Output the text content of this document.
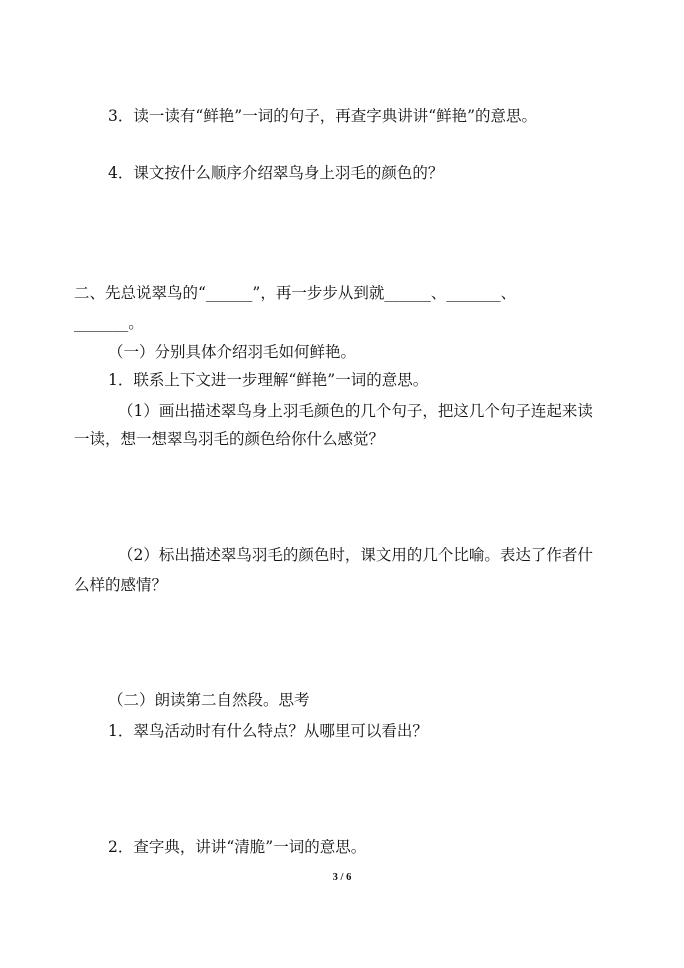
3．读一读有“鲜艳”一词的句子，再查字典讲讲“鲜艳”的意思。
4．课文按什么顺序介绍翠鸟身上羽毛的颜色的？
二、先总说翠鸟的“______”，再一步步从到就______、_______、
_______。
（一）分别具体介绍羽毛如何鲜艳。
1．联系上下文进一步理解“鲜艳”一词的意思。
（1）画出描述翠鸟身上羽毛颜色的几个句子，把这几个句子连起来读
一读，想一想翠鸟羽毛的颜色给你什么感觉？
（2）标出描述翠鸟羽毛的颜色时，课文用的几个比喻。表达了作者什
么样的感情？
（二）朗读第二自然段。思考
1．翠鸟活动时有什么特点？从哪里可以看出？
2．查字典，讲讲“清脆”一词的意思。
3 / 6
